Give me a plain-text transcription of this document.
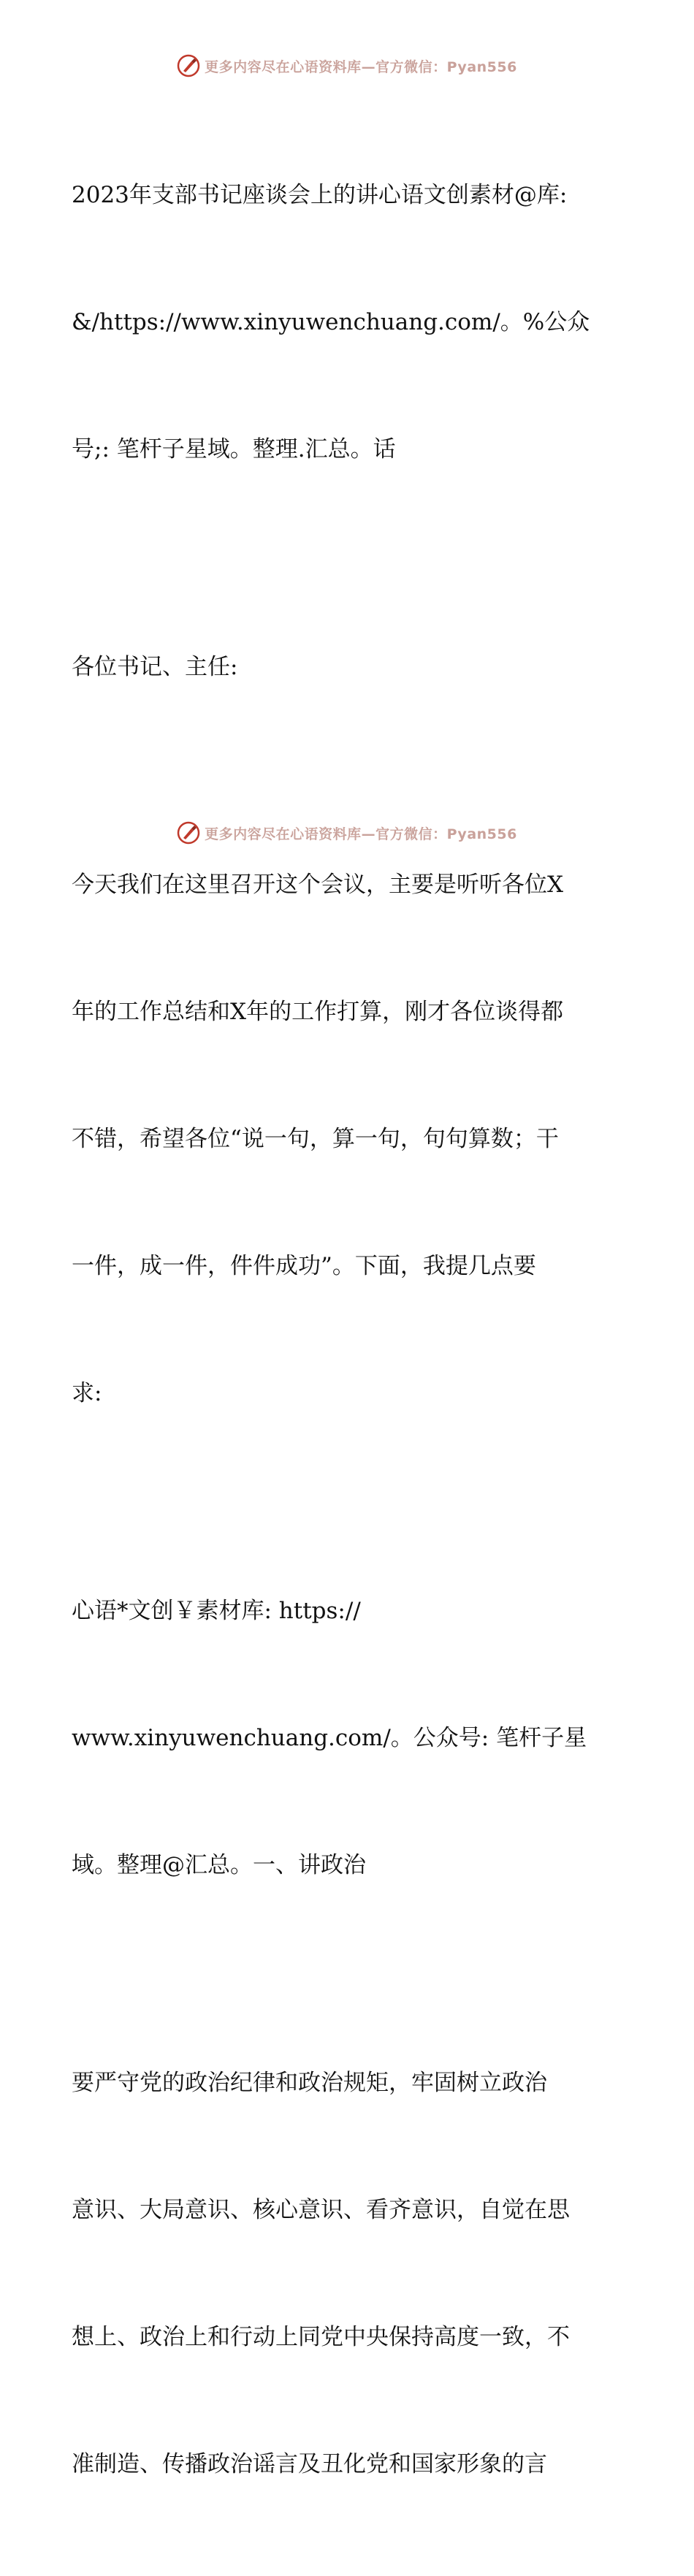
更多内容尽在心语资料库—官方微信：Pyan556

2023年支部书记座谈会上的讲心语文创素材@库:

&/https://www.xinyuwenchuang.com/。%公众

号;: 笔杆子星域。整理.汇总。话

各位书记、主任:

今天我们在这里召开这个会议，主要是听听各位X

年的工作总结和X年的工作打算，刚才各位谈得都

不错，希望各位“说一句，算一句，句句算数；干

一件，成一件，件件成功”。下面，我提几点要

求:

心语*文创￥素材库: https://

www.xinyuwenchuang.com/。公众号: 笔杆子星

域。整理@汇总。一、讲政治

要严守党的政治纪律和政治规矩，牢固树立政治

意识、大局意识、核心意识、看齐意识，自觉在思

想上、政治上和行动上同党中央保持高度一致，不

准制造、传播政治谣言及丑化党和国家形象的言

更多内容尽在心语资料库—官方微信：Pyan556
